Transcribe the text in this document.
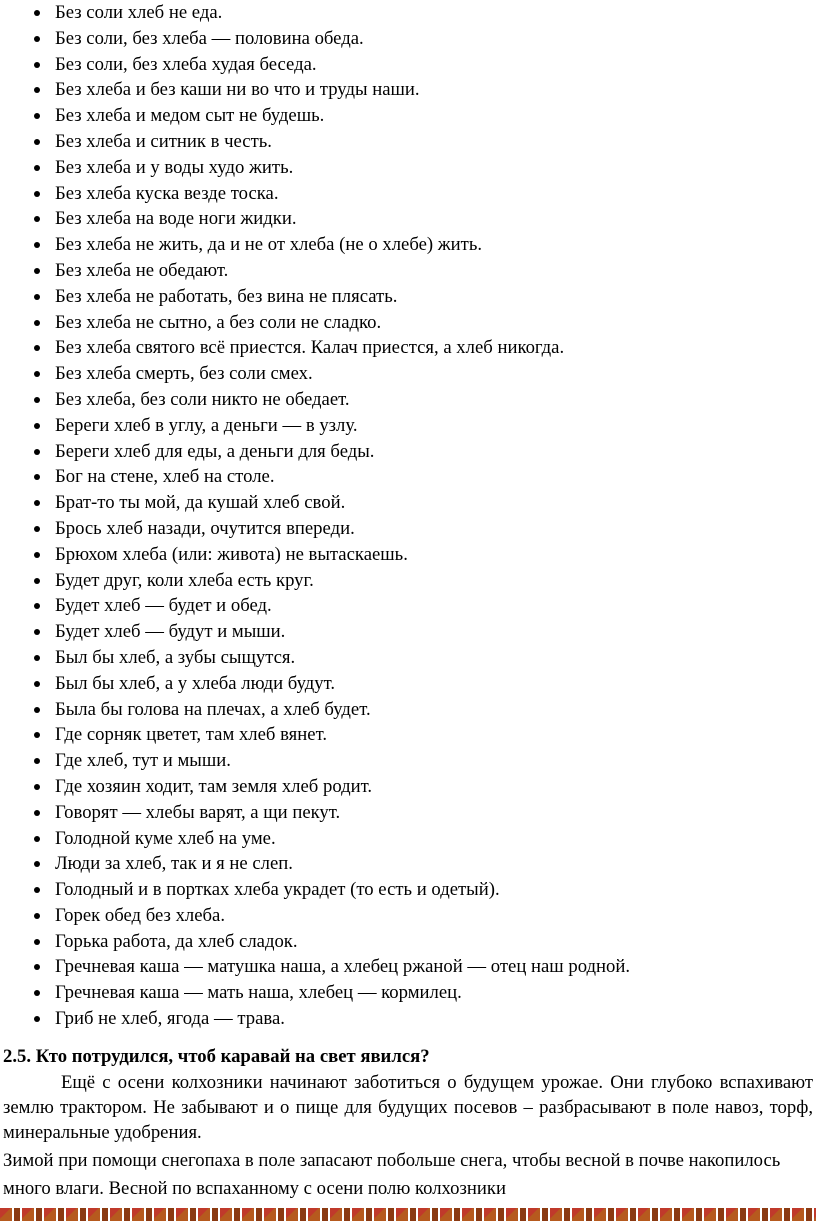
Без соли хлеб не еда.
Без соли, без хлеба — половина обеда.
Без соли, без хлеба худая беседа.
Без хлеба и без каши ни во что и труды наши.
Без хлеба и медом сыт не будешь.
Без хлеба и ситник в честь.
Без хлеба и у воды худо жить.
Без хлеба куска везде тоска.
Без хлеба на воде ноги жидки.
Без хлеба не жить, да и не от хлеба (не о хлебе) жить.
Без хлеба не обедают.
Без хлеба не работать, без вина не плясать.
Без хлеба не сытно, а без соли не сладко.
Без хлеба святого всё приестся. Калач приестся, а хлеб никогда.
Без хлеба смерть, без соли смех.
Без хлеба, без соли никто не обедает.
Береги хлеб в углу, а деньги — в узлу.
Береги хлеб для еды, а деньги для беды.
Бог на стене, хлеб на столе.
Брат-то ты мой, да кушай хлеб свой.
Брось хлеб назади, очутится впереди.
Брюхом хлеба (или: живота) не вытаскаешь.
Будет друг, коли хлеба есть круг.
Будет хлеб — будет и обед.
Будет хлеб — будут и мыши.
Был бы хлеб, а зубы сыщутся.
Был бы хлеб, а у хлеба люди будут.
Была бы голова на плечах, а хлеб будет.
Где сорняк цветет, там хлеб вянет.
Где хлеб, тут и мыши.
Где хозяин ходит, там земля хлеб родит.
Говорят — хлебы варят, а щи пекут.
Голодной куме хлеб на уме.
Люди за хлеб, так и я не слеп.
Голодный и в портках хлеба украдет (то есть и одетый).
Горек обед без хлеба.
Горька работа, да хлеб сладок.
Гречневая каша — матушка наша, а хлебец ржаной — отец наш родной.
Гречневая каша — мать наша, хлебец — кормилец.
Гриб не хлеб, ягода — трава.
2.5. Кто потрудился, чтоб каравай на свет явился?

Ещё с осени колхозники начинают заботиться о будущем урожае. Они глубоко вспахивают землю трактором. Не забывают и о пище для будущих посевов – разбрасывают в поле навоз, торф, минеральные удобрения.

Зимой при помощи снегопаха в поле запасают побольше снега, чтобы весной в почве накопилось много влаги. Весной по вспаханному с осени полю колхозники
